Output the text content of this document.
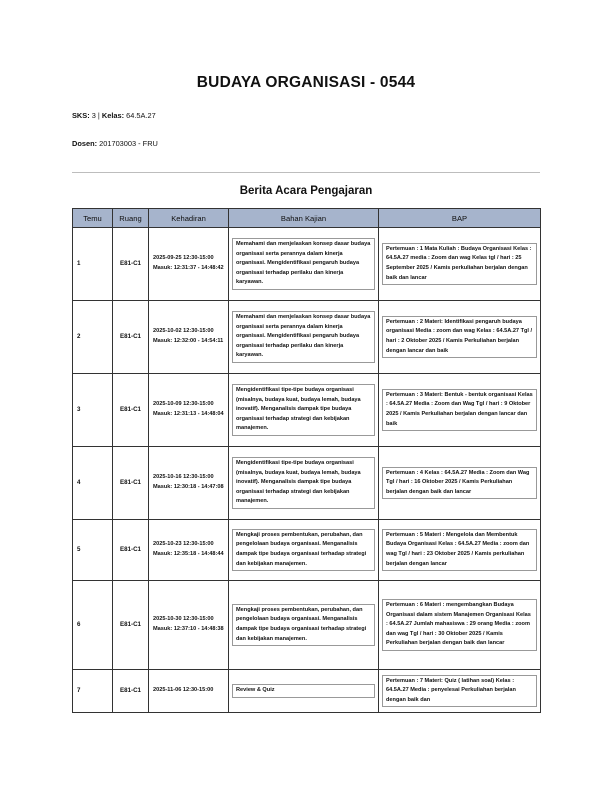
BUDAYA ORGANISASI - 0544
SKS: 3 | Kelas: 64.5A.27
Dosen: 201703003 - FRU
Berita Acara Pengajaran
Temu	Ruang	Kehadiran	Bahan Kajian	BAP
1	E81-C1	2025-09-25 12:30-15:00 Masuk: 12:31:37 - 14:48:42	Memahami dan menjelaskan konsep dasar budaya organisasi serta perannya dalam kinerja organisasi. Mengidentifikasi pengaruh budaya organisasi terhadap perilaku dan kinerja karyawan.	Pertemuan : 1 Mata Kuliah : Budaya Organisasi Kelas : 64.5A.27 media : Zoom dan wag Kelas tgl / hari : 25 September 2025 / Kamis perkuliahan berjalan dengan baik dan lancar

2	E81-C1	2025-10-02 12:30-15:00 Masuk: 12:32:00 - 14:54:11	Memahami dan menjelaskan konsep dasar budaya organisasi serta perannya dalam kinerja organisasi. Mengidentifikasi pengaruh budaya organisasi terhadap perilaku dan kinerja karyawan.	Pertemuan : 2 Materi: Identifikasi pengaruh budaya organisasi Media : zoom dan wag Kelas : 64.5A.27 Tgl / hari : 2 Oktober 2025 / Kamis Perkuliahan berjalan dengan lancar dan baik

3	E81-C1	2025-10-09 12:30-15:00 Masuk: 12:31:13 - 14:48:04	Mengidentifikasi tipe-tipe budaya organisasi (misalnya, budaya kuat, budaya lemah, budaya inovatif). Menganalisis dampak tipe budaya organisasi terhadap strategi dan kebijakan manajemen.	Pertemuan : 3 Materi: Bentuk - bentuk organisasi Kelas : 64.5A.27 Media : Zoom dan Wag Tgl / hari : 9 Oktober 2025 / Kamis Perkuliahan berjalan dengan lancar dan baik

4	E81-C1	2025-10-16 12:30-15:00 Masuk: 12:30:18 - 14:47:08	Mengidentifikasi tipe-tipe budaya organisasi (misalnya, budaya kuat, budaya lemah, budaya inovatif). Menganalisis dampak tipe budaya organisasi terhadap strategi dan kebijakan manajemen.	Pertemuan : 4 Kelas : 64.5A.27 Media : Zoom dan Wag Tgl / hari : 16 Oktober 2025 / Kamis Perkuliahan berjalan dengan baik dan lancar

5	E81-C1	2025-10-23 12:30-15:00 Masuk: 12:35:18 - 14:48:44	Mengkaji proses pembentukan, perubahan, dan pengelolaan budaya organisasi. Menganalisis dampak tipe budaya organisasi terhadap strategi dan kebijakan manajemen.	Pertemuan : 5 Materi : Mengelola dan Membentuk Budaya Organisasi Kelas : 64.5A.27 Media : zoom dan wag Tgl / hari : 23 Oktober 2025 / Kamis perkuliahan berjalan dengan lancar

6	E81-C1	2025-10-30 12:30-15:00 Masuk: 12:37:10 - 14:48:38	Mengkaji proses pembentukan, perubahan, dan pengelolaan budaya organisasi. Menganalisis dampak tipe budaya organisasi terhadap strategi dan kebijakan manajemen.	Pertemuan : 6 Materi : mengembangkan Budaya Organisasi dalam sistem Manajemen Organisasi Kelas : 64.5A.27 Jumlah mahasiswa : 29 orang Media : zoom dan wag Tgl / hari : 30 Oktober 2025 / Kamis Perkuliahan berjalan dengan baik dan lancar

7	E81-C1	2025-11-06 12:30-15:00	Review & Quiz	Pertemuan : 7 Materi: Quiz ( latihan soal) Kelas : 64.5A.27 Media : penyelesai Perkuliahan berjalan dengan baik dan
